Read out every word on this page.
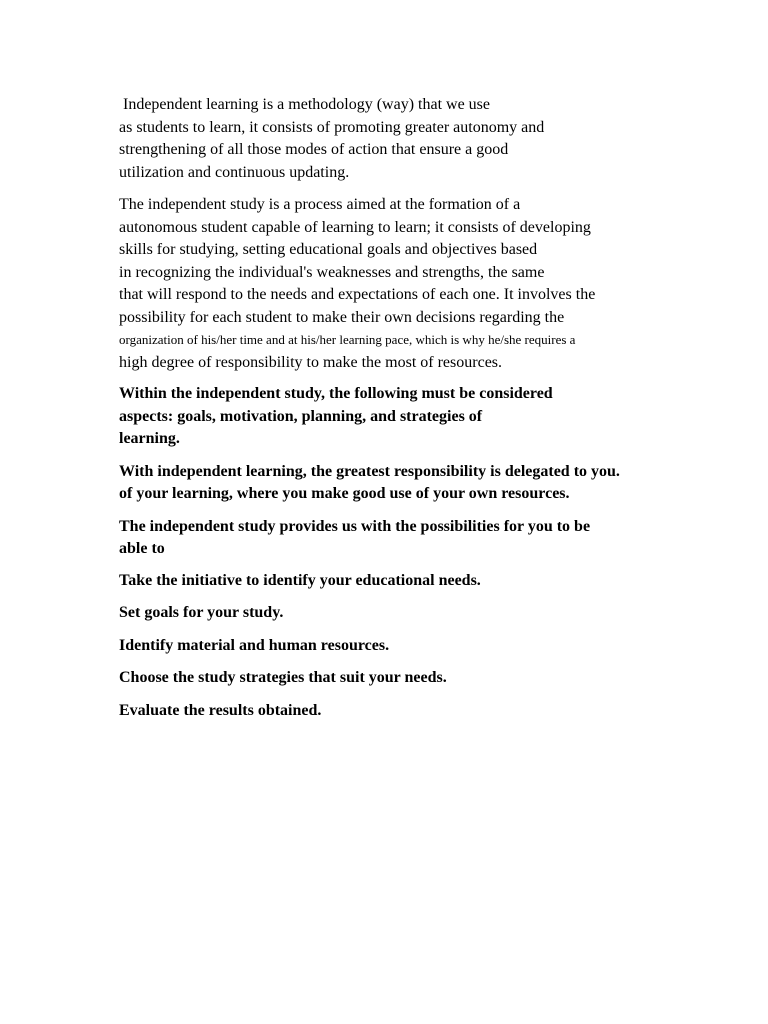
Independent learning is a methodology (way) that we use
as students to learn, it consists of promoting greater autonomy and
strengthening of all those modes of action that ensure a good
utilization and continuous updating.

The independent study is a process aimed at the formation of a
autonomous student capable of learning to learn; it consists of developing
skills for studying, setting educational goals and objectives based
in recognizing the individual's weaknesses and strengths, the same
that will respond to the needs and expectations of each one. It involves the
possibility for each student to make their own decisions regarding the
organization of his/her time and at his/her learning pace, which is why he/she requires a
high degree of responsibility to make the most of resources.

Within the independent study, the following must be considered
aspects: goals, motivation, planning, and strategies of
learning.

With independent learning, the greatest responsibility is delegated to you.
of your learning, where you make good use of your own resources.

The independent study provides us with the possibilities for you to be
able to

Take the initiative to identify your educational needs.

Set goals for your study.

Identify material and human resources.

Choose the study strategies that suit your needs.

Evaluate the results obtained.
